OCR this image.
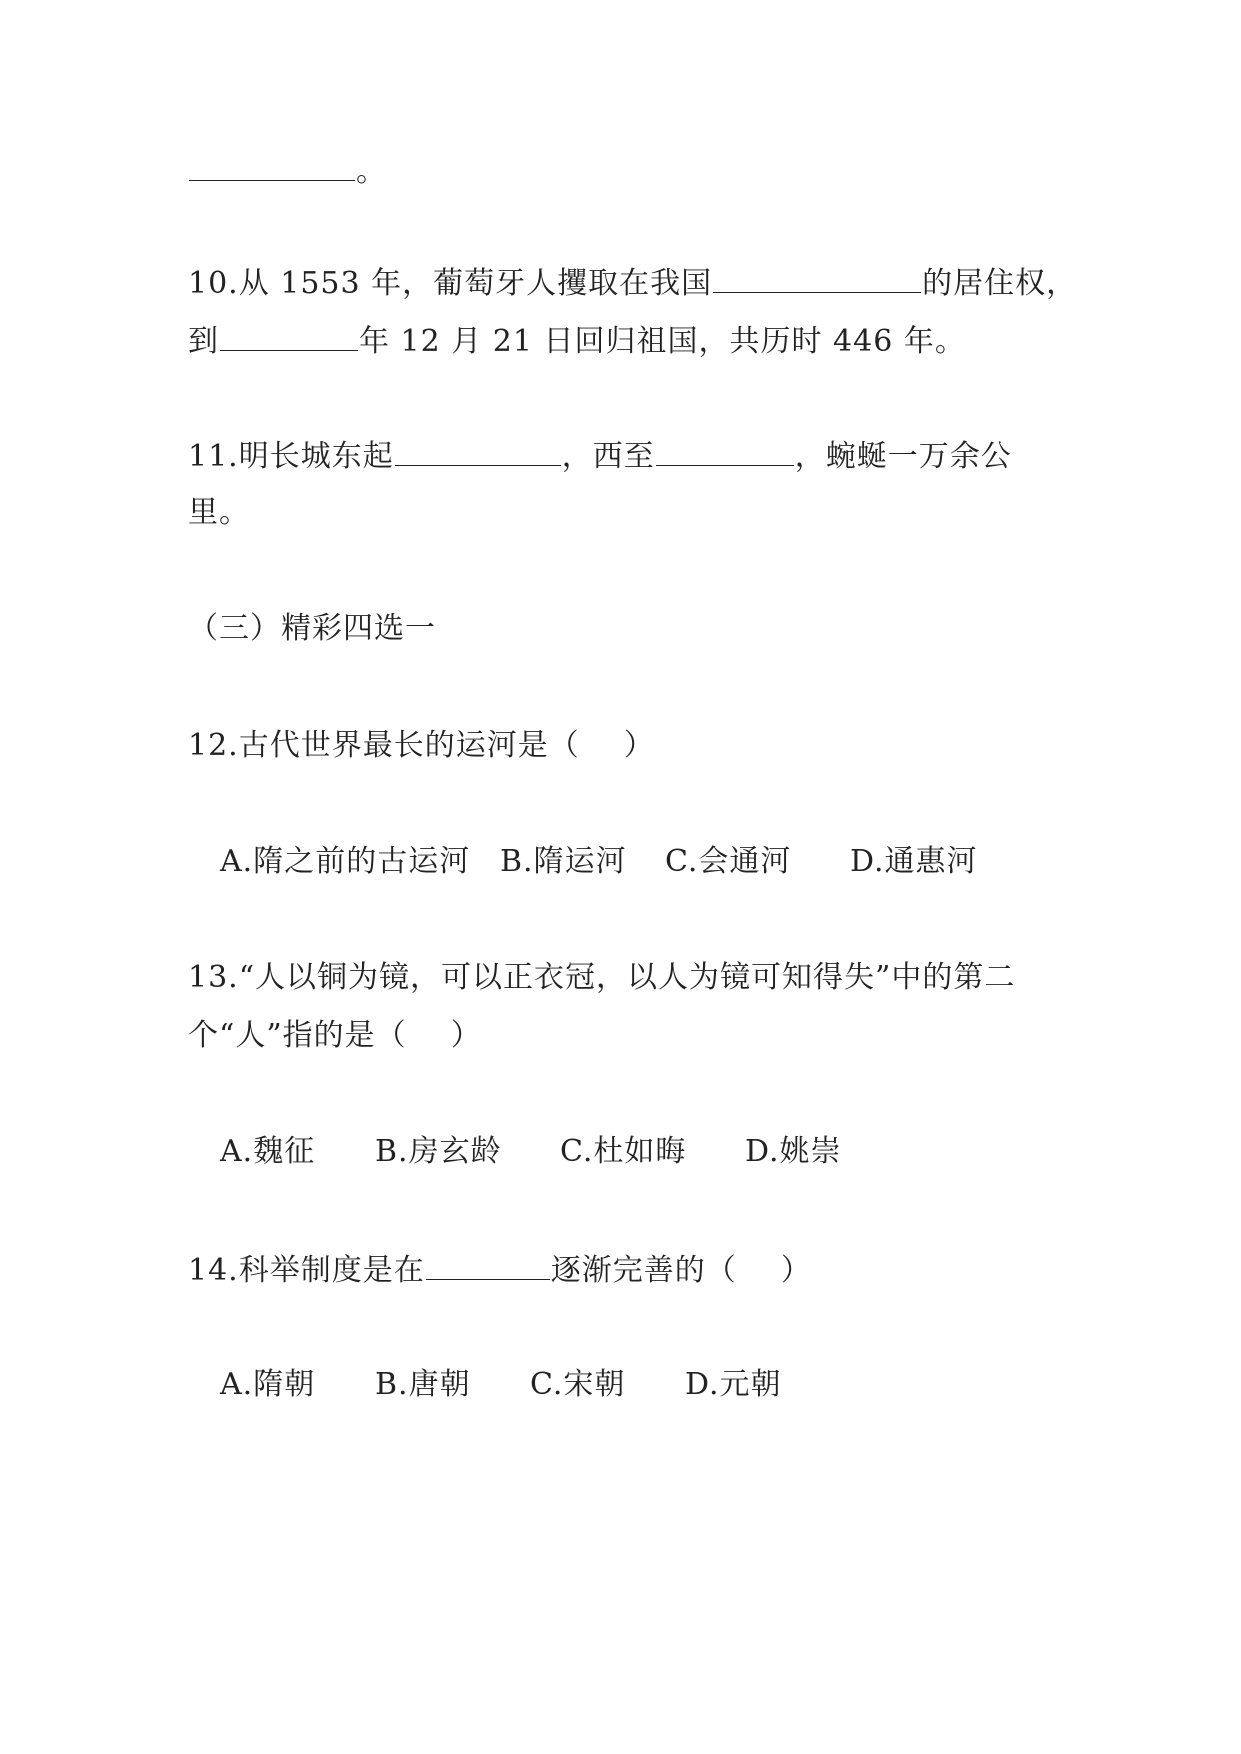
。
10.从 1553 年，葡萄牙人攫取在我国	的居住权，
到	年 12 月 21 日回归祖国，共历时 446 年。
11.明长城东起	，西至	，蜿蜒一万余公
里。
（三）精彩四选一
12.古代世界最长的运河是（ ）
A.隋之前的古运河 B.隋运河 C.会通河 D.通惠河
13.“人以铜为镜，可以正衣冠，以人为镜可知得失”中的第二
个“人”指的是（ ）
A.魏征 B.房玄龄 C.杜如晦 D.姚崇
14.科举制度是在	逐渐完善的（ ）
A.隋朝 B.唐朝 C.宋朝 D.元朝
